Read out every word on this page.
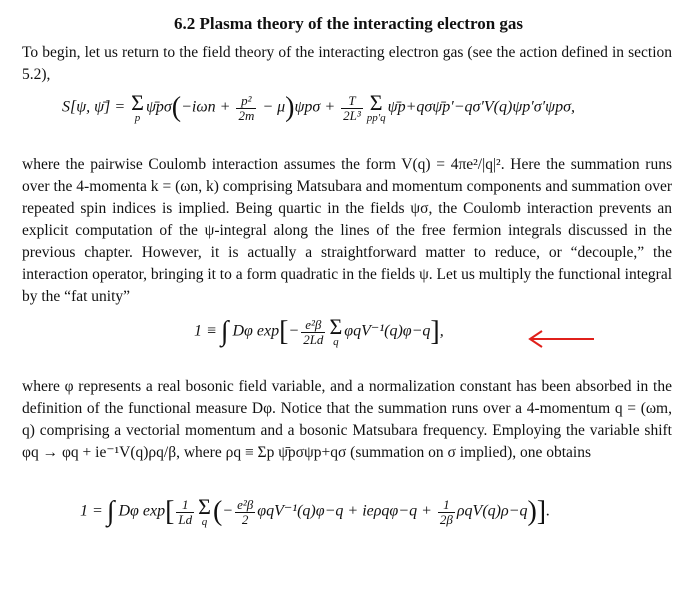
6.2 Plasma theory of the interacting electron gas
To begin, let us return to the field theory of the interacting electron gas (see the action defined in section 5.2),
S[ψ, ψ̄] = Σ
p
ψ̄pσ(−iωn + $\frac{\text{p²}}{2m} - \mu)\psi p\sigma + \frac{T}{\text{2L³}}$ Σ
pp′q
ψ̄p+qσψ̄p′−qσ′V(q)ψp′σ′ψpσ,
where the pairwise Coulomb interaction assumes the form V(q) = 4πe²/|q|². Here the summation runs over the 4-momenta k = (ωn, k) comprising Matsubara and momentum components and summation over repeated spin indices is implied. Being quartic in the fields ψσ, the Coulomb interaction prevents an explicit computation of the ψ-integral along the lines of the free fermion integrals discussed in the previous chapter. However, it is actually a straightforward matter to reduce, or “decouple,” the interaction operator, bringing it to a form quadratic in the fields ψ. Let us multiply the functional integral by the “fat unity”
1 ≡ ∫ Dφ $\exp[- \frac{\text{e²β}}{2Ld}$ Σ
q
φqV⁻¹(q)φ−q],
where φ represents a real bosonic field variable, and a normalization constant has been absorbed in the definition of the functional measure Dφ. Notice that the summation runs over a 4-momentum q = (ωm, q) comprising a vectorial momentum and a bosonic Matsubara frequency. Employing the variable shift φq → φq + ie⁻¹V(q)ρq/β, where ρq ≡ Σp ψ̄pσψp+qσ (summation on σ implied), one obtains
1 = ∫ Dφ $\exp[ \frac{1}{Ld}$ Σ
q (− $\frac{\text{e²β}}{2} \varphi qV^{-1}(q)\varphi-q + ie\rho q\varphi-q + \frac{1}{2\beta} \rho qV(q)\rho-q$)].
